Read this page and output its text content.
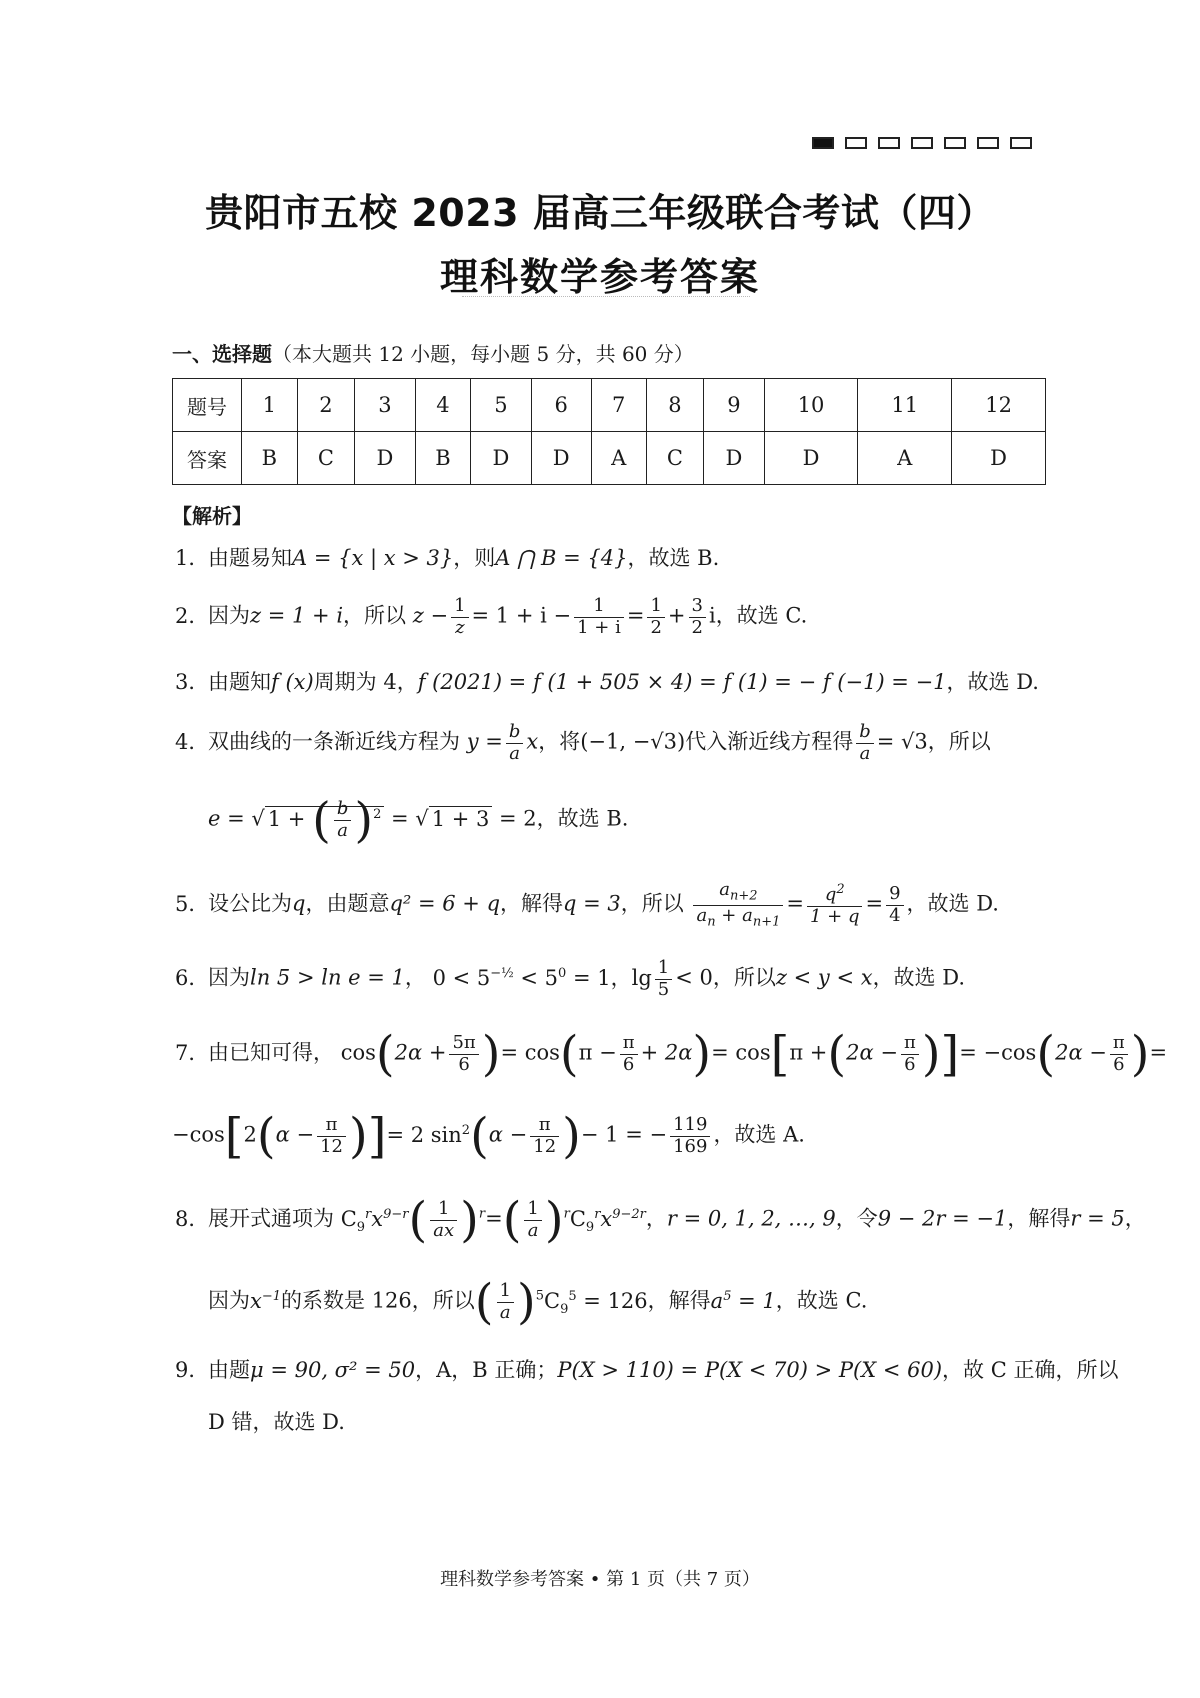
贵阳市五校 2023 届高三年级联合考试（四）
理科数学参考答案
一、选择题（本大题共 12 小题，每小题 5 分，共 60 分）
题号	1	2	3	4	5	6	7	8	9	10	11	12
答案	B	C	D	B	D	D	A	C	D	D	A	D
【解析】
1．由题易知A = {x | x > 3}，则A ⋂ B = {4}，故选 B.
2．因为z = 1 + i，所以 $z - \frac{1}{z} = 1 + i - \frac{1}{1 + i} = \frac{1}{2} + \frac{3}{2}$ i，故选 C.
3．由题知f (x)周期为 4，f (2021) = f (1 + 505 × 4) = f (1) = − f (−1) = −1，故选 D.
4．双曲线的一条渐近线方程为 $y = \frac{b}{a}$ x，将(−1, −√3)代入渐近线方程得 $\frac{b}{a} = √3$，所以
e = √ 1 + ( $\frac{b}{a} )^2$ = √ 1 + 3 = 2，故选 B.
5．设公比为q，由题意q² = 6 + q，解得q = 3，所以 $\frac{a_{n+2}}{a_n + a_{n+1}} = \frac{q^2}{1 + q} = \frac{9}{4}$ ，故选 D.
6．因为ln 5 > ln e = 1， $0 < 5^{-\frac{1}{2}} < 5^0 = 1$，$\lg \frac{1}{5} < 0$，所以z < y < x，故选 D.
7．由已知可得， $\cos(2\alpha + \frac{5\pi}{6}$ )= $\cos(\pi - \frac{\pi}{6} + 2\alpha)= \cos[\pi +(2\alpha - \frac{\pi}{6}$ )]= $-\cos(2\alpha - \frac{\pi}{6}$ )=
$-\cos[2(\alpha - \frac{\pi}{12}$ )]= 2 $\sin^2(\alpha - \frac{\pi}{12}$ )− 1 = − $\frac{119}{169}$ ，故选 A.
8．展开式通项为 $C_9^rx^{9-r}( \frac{1}{ax} )^r=( \frac{1}{a} )^rC_9^rx^{9-2r}$，r = 0, 1, 2, …, 9，令9 − 2r = −1，解得r = 5，
因为$x^{-1}$的系数是 126，所以( $\frac{1}{a} )^5C_9^5 = 126$，解得$a^5 = 1$，故选 C.
9．由题μ = 90, σ² = 50，A，B 正确；P(X > 110) = P(X < 70) > P(X < 60)，故 C 正确，所以
D 错，故选 D.
理科数学参考答案 • 第 1 页（共 7 页）
